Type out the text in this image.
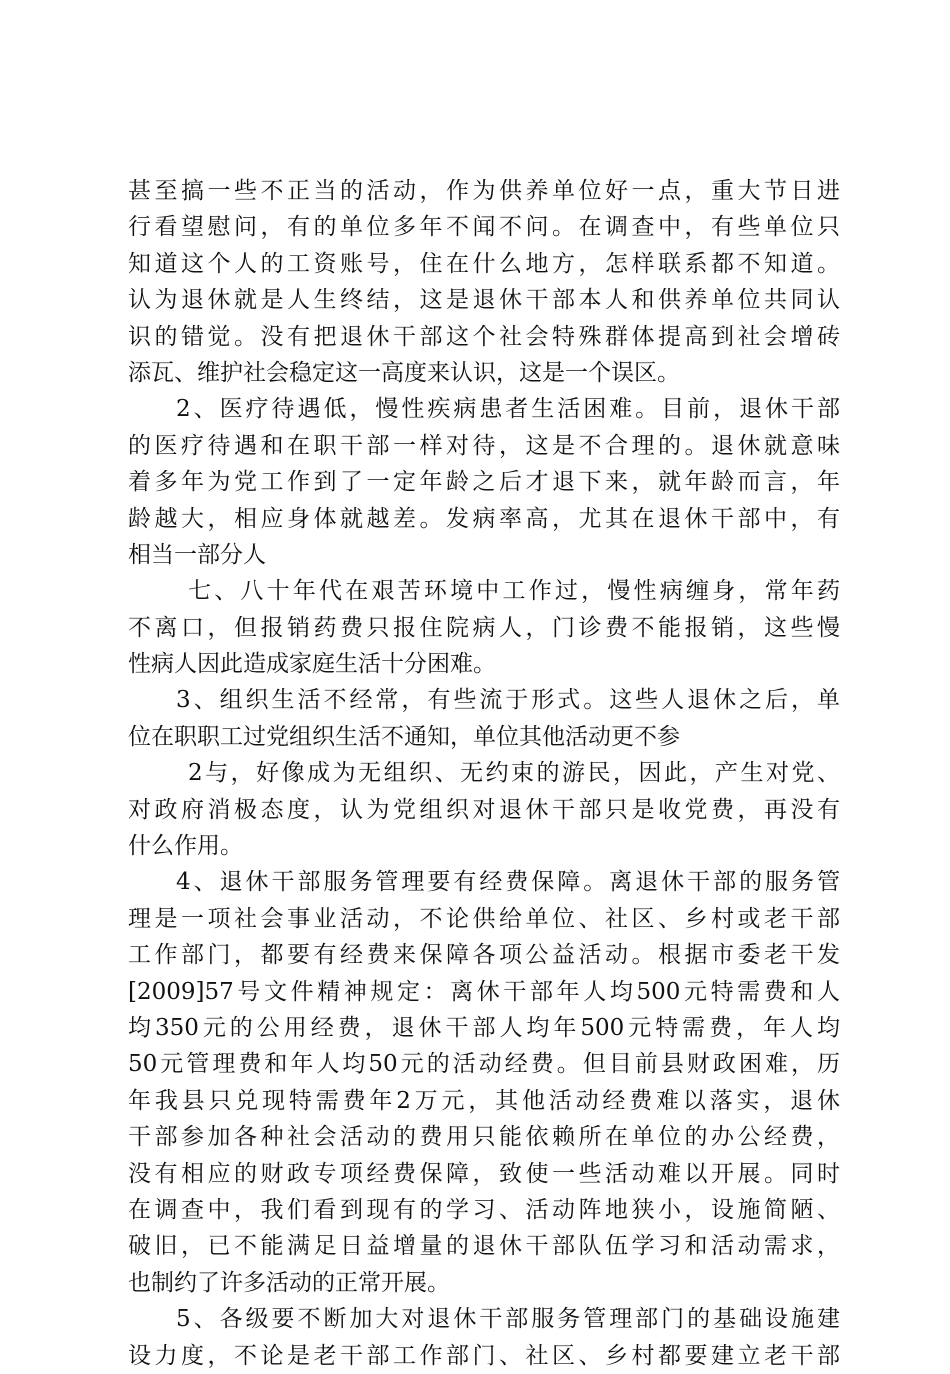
甚至搞一些不正当的活动，作为供养单位好一点，重大节日进
行看望慰问，有的单位多年不闻不问。在调查中，有些单位只
知道这个人的工资账号，住在什么地方，怎样联系都不知道。
认为退休就是人生终结，这是退休干部本人和供养单位共同认
识的错觉。没有把退休干部这个社会特殊群体提高到社会增砖
添瓦、维护社会稳定这一高度来认识，这是一个误区。
2、医疗待遇低，慢性疾病患者生活困难。目前，退休干部
的医疗待遇和在职干部一样对待，这是不合理的。退休就意味
着多年为党工作到了一定年龄之后才退下来，就年龄而言，年
龄越大，相应身体就越差。发病率高，尤其在退休干部中，有
相当一部分人
七、八十年代在艰苦环境中工作过，慢性病缠身，常年药
不离口，但报销药费只报住院病人，门诊费不能报销，这些慢
性病人因此造成家庭生活十分困难。
3、组织生活不经常，有些流于形式。这些人退休之后，单
位在职职工过党组织生活不通知，单位其他活动更不参
2与，好像成为无组织、无约束的游民，因此，产生对党、
对政府消极态度，认为党组织对退休干部只是收党费，再没有
什么作用。
4、退休干部服务管理要有经费保障。离退休干部的服务管
理是一项社会事业活动，不论供给单位、社区、乡村或老干部
工作部门，都要有经费来保障各项公益活动。根据市委老干发
[2009]57号文件精神规定：离休干部年人均500元特需费和人
均350元的公用经费，退休干部人均年500元特需费，年人均
50元管理费和年人均50元的活动经费。但目前县财政困难，历
年我县只兑现特需费年2万元，其他活动经费难以落实，退休
干部参加各种社会活动的费用只能依赖所在单位的办公经费，
没有相应的财政专项经费保障，致使一些活动难以开展。同时
在调查中，我们看到现有的学习、活动阵地狭小，设施简陋、
破旧，已不能满足日益增量的退休干部队伍学习和活动需求，
也制约了许多活动的正常开展。
5、各级要不断加大对退休干部服务管理部门的基础设施建
设力度，不论是老干部工作部门、社区、乡村都要建立老干部
